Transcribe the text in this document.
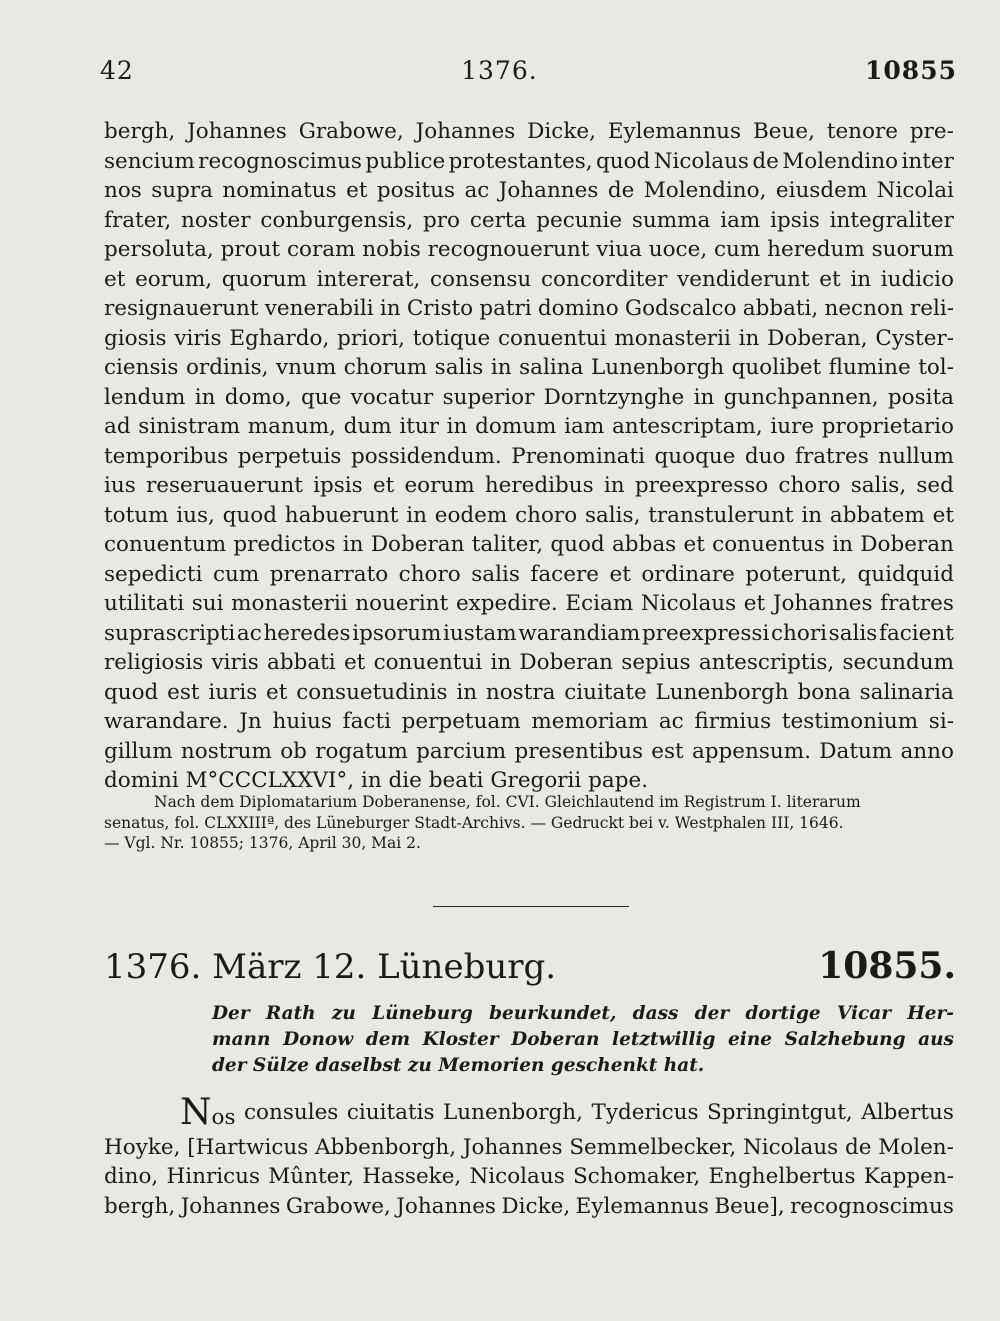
42	1376.	10855
bergh, Johannes Grabowe, Johannes Dicke, Eylemannus Beue, tenore pre-
sencium recognoscimus publice protestantes, quod Nicolaus de Molendino inter
nos supra nominatus et positus ac Johannes de Molendino, eiusdem Nicolai
frater, noster conburgensis, pro certa pecunie summa iam ipsis integraliter
persoluta, prout coram nobis recognouerunt viua uoce, cum heredum suorum
et eorum, quorum intererat, consensu concorditer vendiderunt et in iudicio
resignauerunt venerabili in Cristo patri domino Godscalco abbati, necnon reli-
giosis viris Eghardo, priori, totique conuentui monasterii in Doberan, Cyster-
ciensis ordinis, vnum chorum salis in salina Lunenborgh quolibet flumine tol-
lendum in domo, que vocatur superior Dorntzynghe in gunchpannen, posita
ad sinistram manum, dum itur in domum iam antescriptam, iure proprietario
temporibus perpetuis possidendum. Prenominati quoque duo fratres nullum
ius reseruauerunt ipsis et eorum heredibus in preexpresso choro salis, sed
totum ius, quod habuerunt in eodem choro salis, transtulerunt in abbatem et
conuentum predictos in Doberan taliter, quod abbas et conuentus in Doberan
sepedicti cum prenarrato choro salis facere et ordinare poterunt, quidquid
utilitati sui monasterii nouerint expedire. Eciam Nicolaus et Johannes fratres
suprascripti ac heredes ipsorum iustam warandiam preexpressi chori salis facient
religiosis viris abbati et conuentui in Doberan sepius antescriptis, secundum
quod est iuris et consuetudinis in nostra ciuitate Lunenborgh bona salinaria
warandare. Jn huius facti perpetuam memoriam ac firmius testimonium si-
gillum nostrum ob rogatum parcium presentibus est appensum. Datum anno
domini M°CCCLXXVI°, in die beati Gregorii pape.
Nach dem Diplomatarium Doberanense, fol. CVI. Gleichlautend im Registrum I. literarum
senatus, fol. CLXXIIIª, des Lüneburger Stadt-Archivs. — Gedruckt bei v. Westphalen III, 1646.
— Vgl. Nr. 10855; 1376, April 30, Mai 2.
1376. März 12. Lüneburg.	10855.
Der Rath zu Lüneburg beurkundet, dass der dortige Vicar Her-
mann Donow dem Kloster Doberan letztwillig eine Salzhebung aus
der Sülze daselbst zu Memorien geschenkt hat.
Nos consules ciuitatis Lunenborgh, Tydericus Springintgut, Albertus
Hoyke, [Hartwicus Abbenborgh, Johannes Semmelbecker, Nicolaus de Molen-
dino, Hinricus Mûnter, Hasseke, Nicolaus Schomaker, Enghelbertus Kappen-
bergh, Johannes Grabowe, Johannes Dicke, Eylemannus Beue], recognoscimus
